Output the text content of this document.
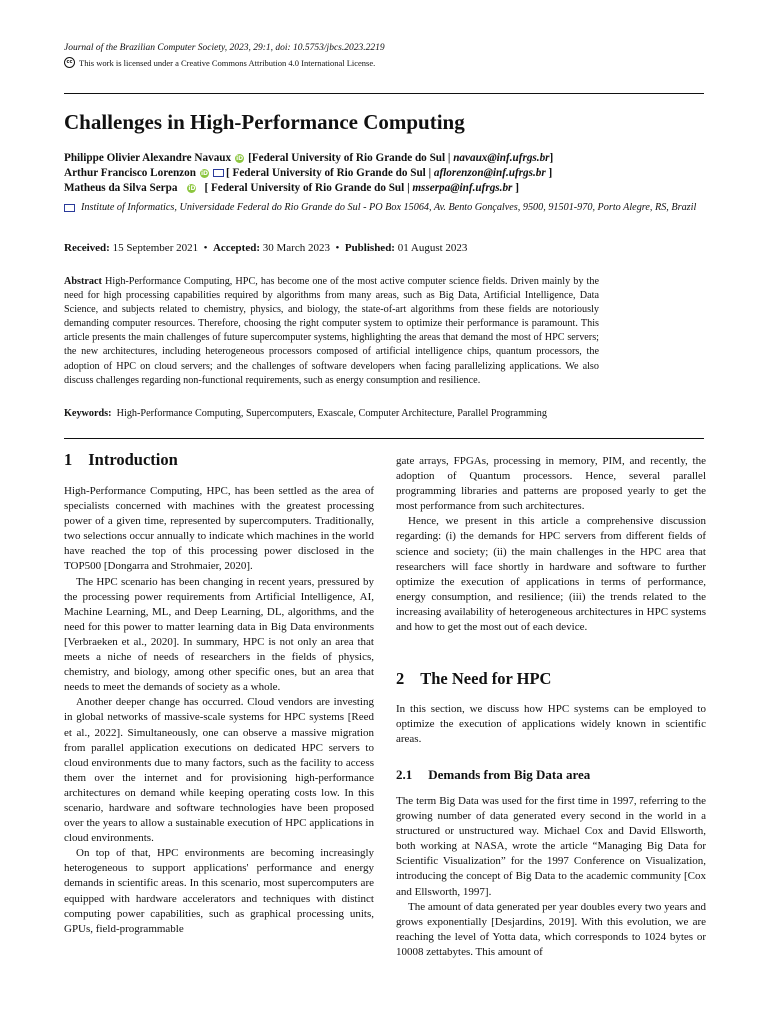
Journal of the Brazilian Computer Society, 2023, 29:1, doi: 10.5753/jbcs.2023.2219
cc This work is licensed under a Creative Commons Attribution 4.0 International License.
Challenges in High-Performance Computing
Philippe Olivier Alexandre Navaux iD [Federal University of Rio Grande do Sul |
navaux@inf.ufrgs.br ]
Arthur Francisco Lorenzon iD [ Federal University of Rio Grande do Sul |
aflorenzon@inf.ufrgs.br
]
Matheus da Silva Serpa iD [ Federal University of Rio Grande do Sul |
msserpa@inf.ufrgs.br
]
Institute of Informatics, Universidade Federal do Rio Grande do Sul - PO Box 15064, Av. Bento Gonçalves, 9500, 91501-970, Porto Alegre, RS, Brazil
Received: 15 September 2021 • Accepted: 30 March 2023 • Published: 01 August 2023
Abstract High-Performance Computing, HPC, has become one of the most active computer science fields. Driven mainly by the need for high processing capabilities required by algorithms from many areas, such as Big Data, Artificial Intelligence, Data Science, and subjects related to chemistry, physics, and biology, the state-of-art algorithms from these fields are notoriously demanding computer resources. Therefore, choosing the right computer system to optimize their performance is paramount. This article presents the main challenges of future supercomputer systems, highlighting the areas that demand the most of HPC servers; the new architectures, including heterogeneous processors composed of artificial intelligence chips, quantum processors, the adoption of HPC on cloud servers; and the challenges of software developers when facing parallelizing applications. We also discuss challenges regarding non-functional requirements, such as energy consumption and resilience.
Keywords: High-Performance Computing, Supercomputers, Exascale, Computer Architecture, Parallel Programming
1 Introduction

High-Performance Computing, HPC, has been settled as the area of specialists concerned with machines with the greatest processing power of a given time, represented by supercomputers. Traditionally, two selections occur annually to indicate which machines in the world have reached the top of this processing power disclosed in the TOP500 [Dongarra and Strohmaier, 2020].

The HPC scenario has been changing in recent years, pressured by the processing power requirements from Artificial Intelligence, AI, Machine Learning, ML, and Deep Learning, DL, algorithms, and the need for this power to matter learning data in Big Data environments [Verbraeken et al., 2020]. In summary, HPC is not only an area that meets a niche of needs of researchers in the fields of physics, chemistry, and biology, among other specific ones, but an area that needs to meet the demands of society as a whole.

Another deeper change has occurred. Cloud vendors are investing in global networks of massive-scale systems for HPC systems [Reed et al., 2022]. Simultaneously, one can observe a massive migration from parallel application executions on dedicated HPC servers to cloud environments due to many factors, such as the facility to access them over the internet and for provisioning high-performance architectures on demand while keeping operating costs low. In this scenario, hardware and software technologies have been proposed over the years to allow a sustainable execution of HPC applications in cloud environments.

On top of that, HPC environments are becoming increasingly heterogeneous to support applications' performance and energy demands in scientific areas. In this scenario, most supercomputers are equipped with hardware accelerators and techniques with distinct computing power capabilities, such as graphical processing units, GPUs, field-programmable

gate arrays, FPGAs, processing in memory, PIM, and recently, the adoption of Quantum processors. Hence, several parallel programming libraries and patterns are proposed yearly to get the most performance from such architectures.

Hence, we present in this article a comprehensive discussion regarding: (i) the demands for HPC servers from different fields of science and society; (ii) the main challenges in the HPC area that researchers will face shortly in hardware and software to further optimize the execution of applications in terms of performance, energy consumption, and resilience; (iii) the trends related to the increasing availability of heterogeneous architectures in HPC systems and how to get the most out of each device.

2 The Need for HPC

In this section, we discuss how HPC systems can be employed to optimize the execution of applications widely known in scientific areas.

2.1 Demands from Big Data area

The term Big Data was used for the first time in 1997, referring to the growing number of data generated every second in the world in a structured or unstructured way. Michael Cox and David Ellsworth, both working at NASA, wrote the article “Managing Big Data for Scientific Visualization” for the 1997 Conference on Visualization, introducing the concept of Big Data to the academic community [Cox and Ellsworth, 1997].

The amount of data generated per year doubles every two years and grows exponentially [Desjardins, 2019]. With this evolution, we are reaching the level of Yotta data, which corresponds to 1024 bytes or 10008 zettabytes. This amount of
